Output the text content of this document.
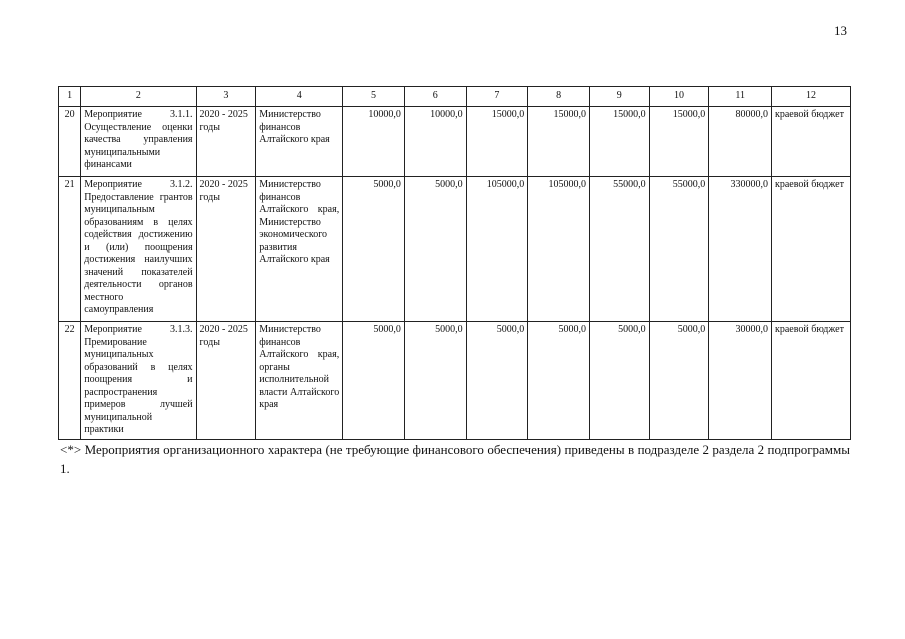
13
1	2	3	4	5	6	7	8	9	10	11	12
20	Мероприятие 3.1.1. Осуществление оценки качества управления муниципальными финансами	2020 - 2025 годы	Министерство финансов Алтайского края	10000,0	10000,0	15000,0	15000,0	15000,0	15000,0	80000,0	краевой бюджет
21	Мероприятие 3.1.2. Предоставление грантов муниципальным образованиям в целях содействия достижению и (или) поощрения достижения наилучших значений показателей деятельности органов местного самоуправления	2020 - 2025 годы	Министерство финансов Алтайского края, Министерство экономического развития Алтайского края	5000,0	5000,0	105000,0	105000,0	55000,0	55000,0	330000,0	краевой бюджет
22	Мероприятие 3.1.3. Премирование муниципальных образований в целях поощрения и распространения примеров лучшей муниципальной практики	2020 - 2025 годы	Министерство финансов Алтайского края, органы исполнительной власти Алтайского края	5000,0	5000,0	5000,0	5000,0	5000,0	5000,0	30000,0	краевой бюджет
<*> Мероприятия организационного характера (не требующие финансового обеспечения) приведены в подразделе 2 раздела 2 подпрограммы 1.
